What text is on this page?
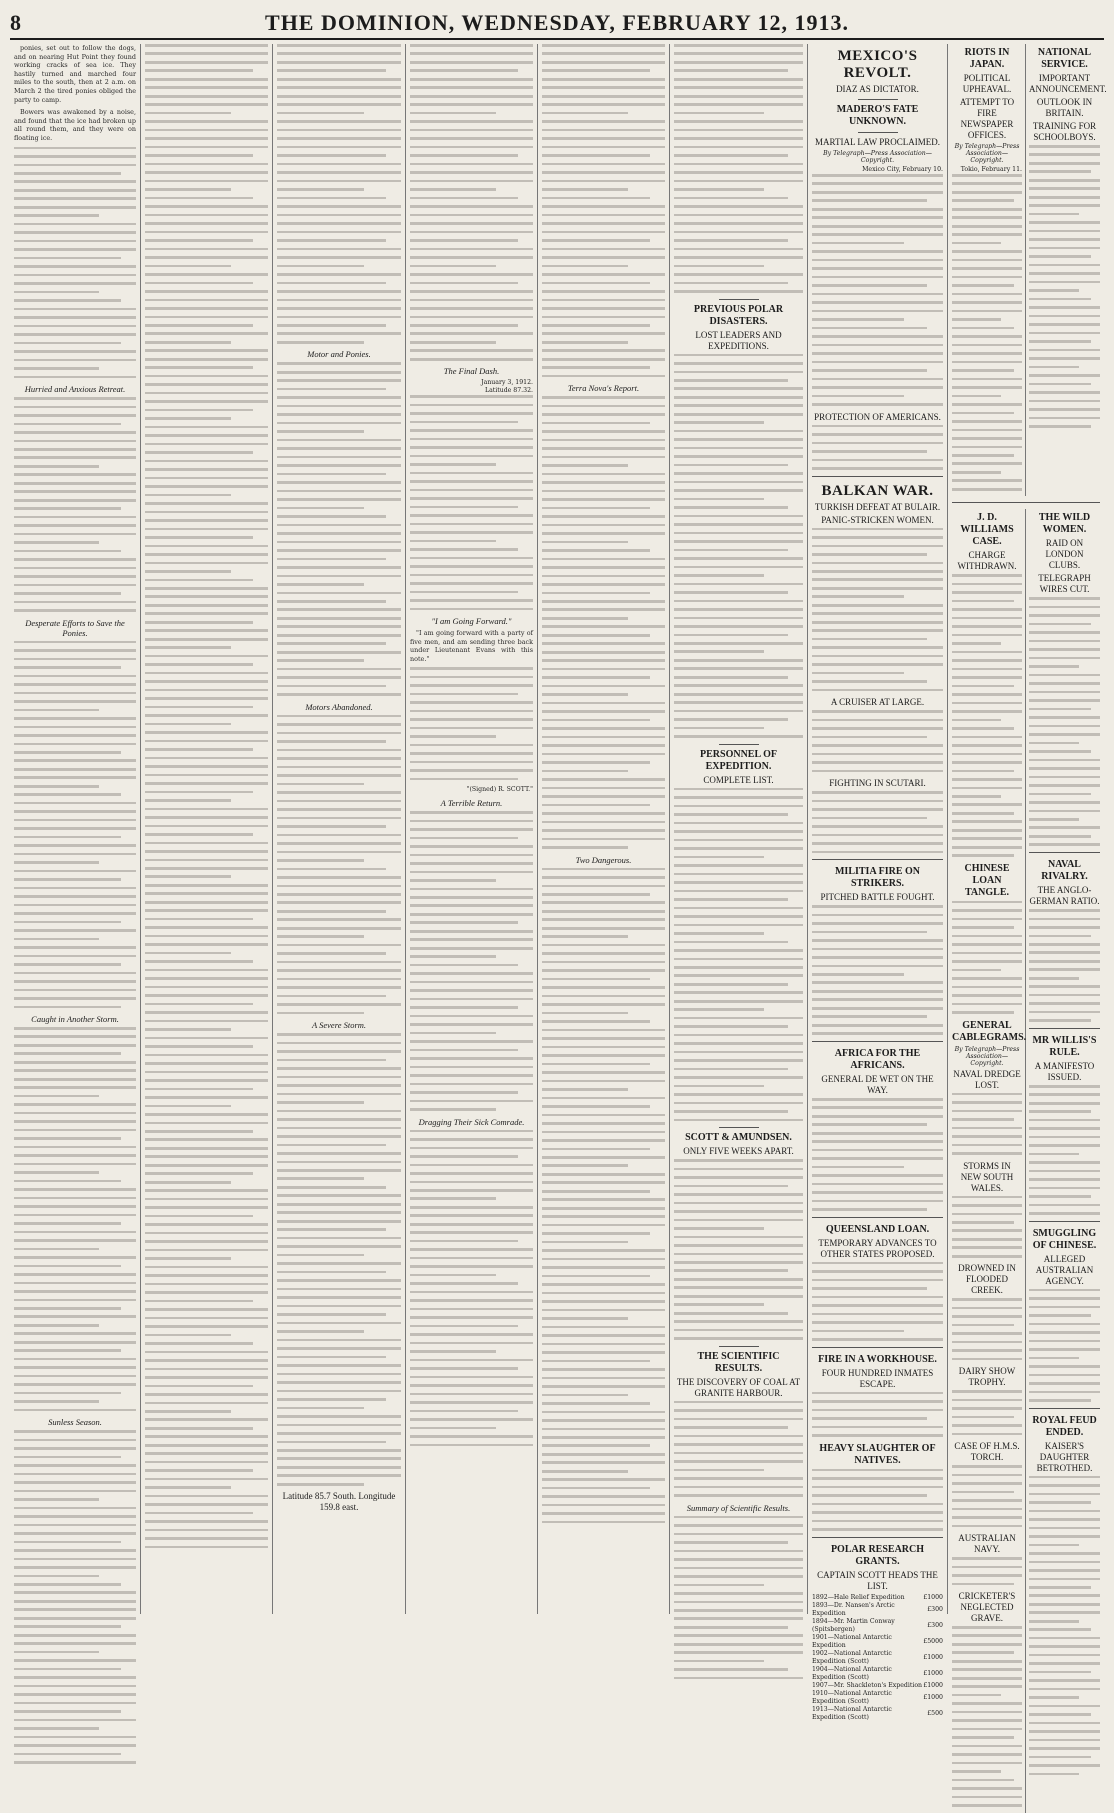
8	THE DOMINION, WEDNESDAY, FEBRUARY 12, 1913.

ponies, set out to follow the dogs, and on nearing Hut Point they found working cracks of sea ice. They hastily turned and marched four miles to the south, then at 2 a.m. on March 2 the tired ponies obliged the party to camp.

Bowers was awakened by a noise, and found that the ice had broken up all round them, and they were on floating ice.

Hurried and Anxious Retreat.
Desperate Efforts to Save the Ponies.
Caught in Another Storm.
Sunless Season.
Motor and Ponies.
Motors Abandoned.
A Severe Storm.
Latitude 85.7 South. Longitude 159.8 east.
The Final Dash.
January 3, 1912.
Latitude 87.32.
"I am Going Forward."

"I am going forward with a party of five men, and am sending three back under Lieutenant Evans with this note."

"(Signed) R. SCOTT."
A Terrible Return.
Dragging Their Sick Comrade.
Terra Nova's Report.
Two Dangerous.
PREVIOUS POLAR DISASTERS.
LOST LEADERS AND EXPEDITIONS.
PERSONNEL OF EXPEDITION.
COMPLETE LIST.
SCOTT & AMUNDSEN.
ONLY FIVE WEEKS APART.
THE SCIENTIFIC RESULTS.
THE DISCOVERY OF COAL AT GRANITE HARBOUR.
Summary of Scientific Results.
MEXICO'S REVOLT.
DIAZ AS DICTATOR.
MADERO'S FATE UNKNOWN.
MARTIAL LAW PROCLAIMED.
By Telegraph—Press Association—Copyright.
Mexico City, February 10.
PROTECTION OF AMERICANS.
BALKAN WAR.
TURKISH DEFEAT AT BULAIR.
PANIC-STRICKEN WOMEN.
A CRUISER AT LARGE.
FIGHTING IN SCUTARI.
MILITIA FIRE ON STRIKERS.
PITCHED BATTLE FOUGHT.
AFRICA FOR THE AFRICANS.
GENERAL DE WET ON THE WAY.
QUEENSLAND LOAN.
TEMPORARY ADVANCES TO OTHER STATES PROPOSED.
FIRE IN A WORKHOUSE.
FOUR HUNDRED INMATES ESCAPE.
HEAVY SLAUGHTER OF NATIVES.
POLAR RESEARCH GRANTS.
CAPTAIN SCOTT HEADS THE LIST.
1892—Hale Relief Expedition	£1000
1893—Dr. Nansen's Arctic Expedition	£300
1894—Mr. Martin Conway (Spitsbergen)	£300
1901—National Antarctic Expedition	£5000
1902—National Antarctic Expedition (Scott)	£1000
1904—National Antarctic Expedition (Scott)	£1000
1907—Mr. Shackleton's Expedition	£1000
1910—National Antarctic Expedition (Scott)	£1000
1913—National Antarctic Expedition (Scott)	£500
RIOTS IN JAPAN.
POLITICAL UPHEAVAL.
ATTEMPT TO FIRE NEWSPAPER OFFICES.
By Telegraph—Press Association—Copyright.
Tokio, February 11.
NATIONAL SERVICE.
IMPORTANT ANNOUNCEMENT.
OUTLOOK IN BRITAIN.
TRAINING FOR SCHOOLBOYS.
J. D. WILLIAMS CASE.
CHARGE WITHDRAWN.
CHINESE LOAN TANGLE.
GENERAL CABLEGRAMS.
By Telegraph—Press Association—Copyright.
NAVAL DREDGE LOST.
STORMS IN NEW SOUTH WALES.
DROWNED IN FLOODED CREEK.
DAIRY SHOW TROPHY.
CASE OF H.M.S. TORCH.
AUSTRALIAN NAVY.
CRICKETER'S NEGLECTED GRAVE.
THE WILD WOMEN.
RAID ON LONDON CLUBS.
TELEGRAPH WIRES CUT.
NAVAL RIVALRY.
THE ANGLO-GERMAN RATIO.
MR WILLIS'S RULE.
A MANIFESTO ISSUED.
SMUGGLING OF CHINESE.
ALLEGED AUSTRALIAN AGENCY.
ROYAL FEUD ENDED.
KAISER'S DAUGHTER BETROTHED.
